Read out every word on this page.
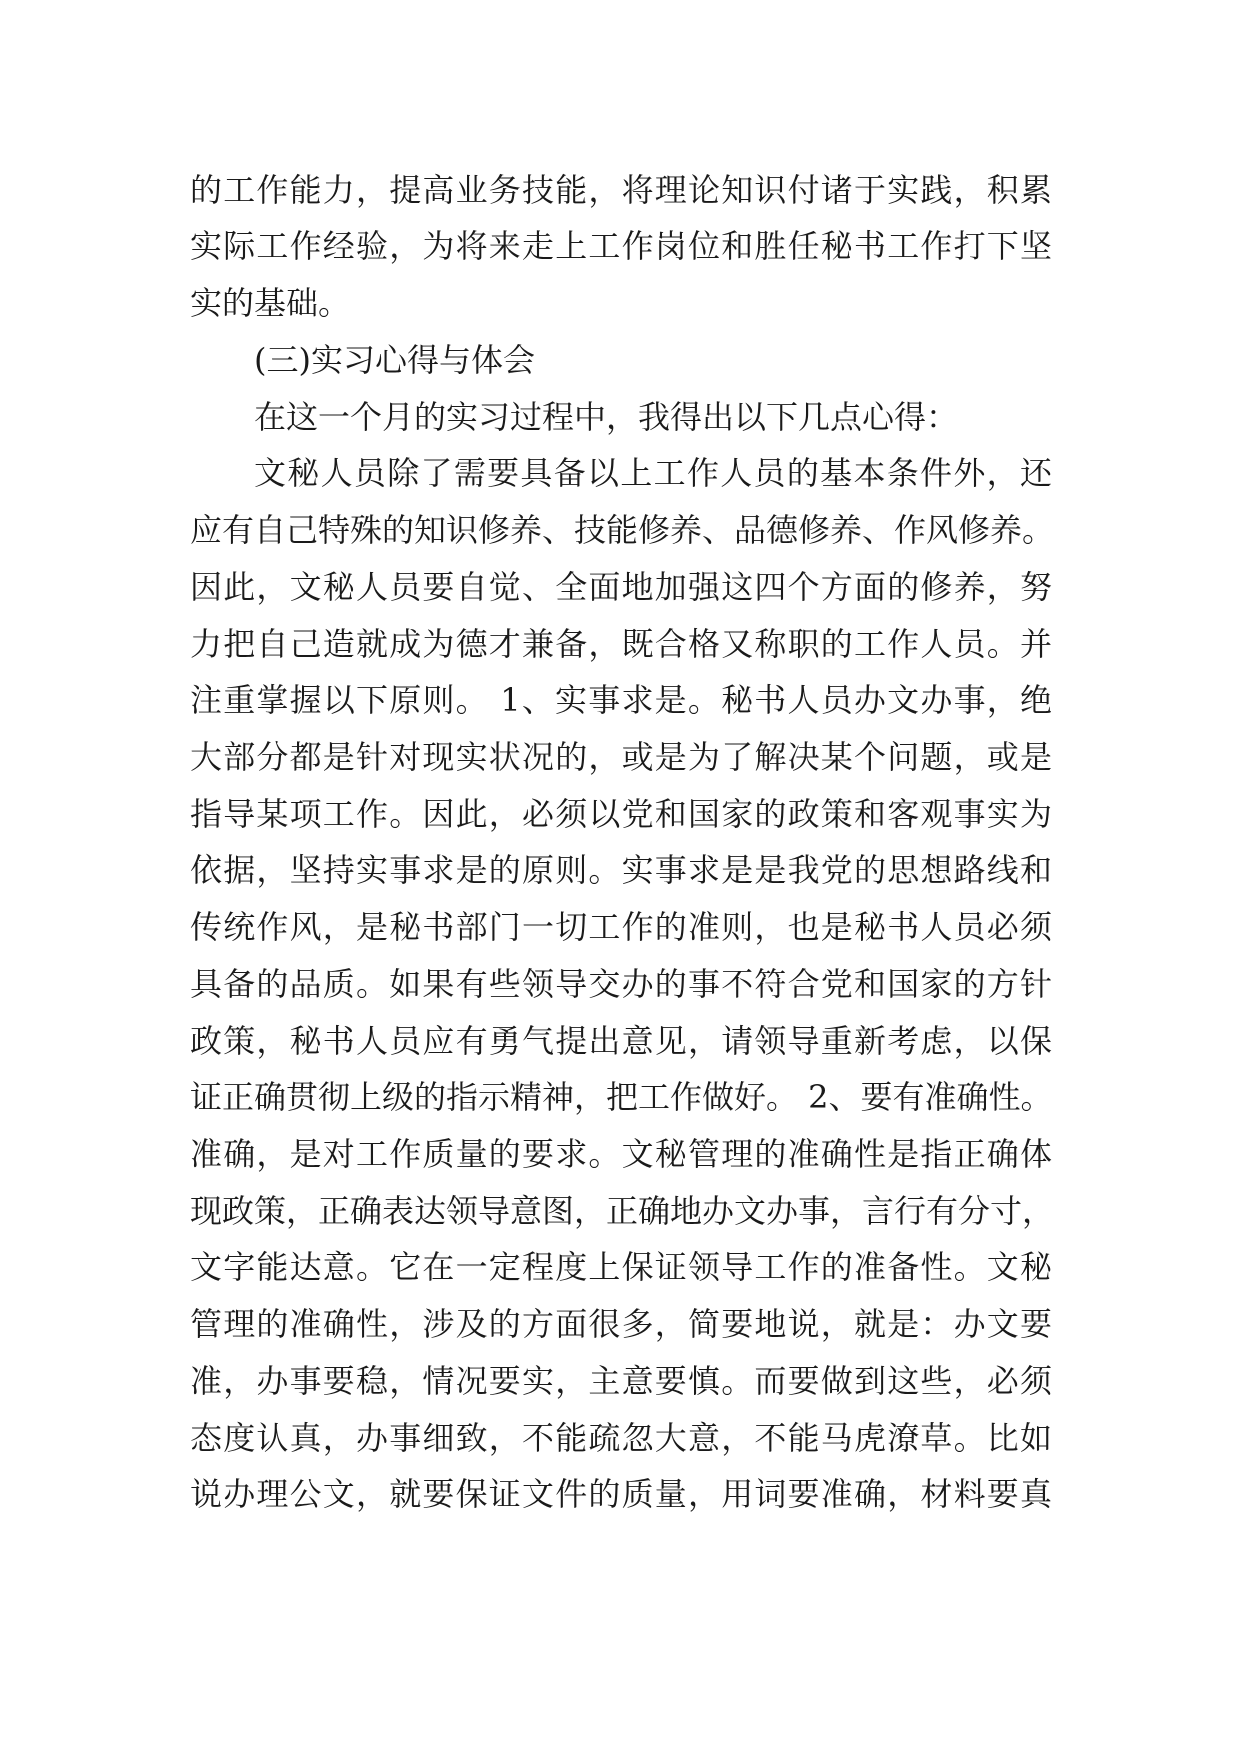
的工作能力，提高业务技能，将理论知识付诸于实践，积累
实际工作经验，为将来走上工作岗位和胜任秘书工作打下坚
实的基础。
(三)实习心得与体会
在这一个月的实习过程中，我得出以下几点心得：
文秘人员除了需要具备以上工作人员的基本条件外，还
应有自己特殊的知识修养、技能修养、品德修养、作风修养。
因此，文秘人员要自觉、全面地加强这四个方面的修养，努
力把自己造就成为德才兼备，既合格又称职的工作人员。并
注重掌握以下原则。 1、实事求是。秘书人员办文办事，绝
大部分都是针对现实状况的，或是为了解决某个问题，或是
指导某项工作。因此，必须以党和国家的政策和客观事实为
依据，坚持实事求是的原则。实事求是是我党的思想路线和
传统作风，是秘书部门一切工作的准则，也是秘书人员必须
具备的品质。如果有些领导交办的事不符合党和国家的方针
政策，秘书人员应有勇气提出意见，请领导重新考虑，以保
证正确贯彻上级的指示精神，把工作做好。 2、要有准确性。
准确，是对工作质量的要求。文秘管理的准确性是指正确体
现政策，正确表达领导意图，正确地办文办事，言行有分寸，
文字能达意。它在一定程度上保证领导工作的准备性。文秘
管理的准确性，涉及的方面很多，简要地说，就是：办文要
准，办事要稳，情况要实，主意要慎。而要做到这些，必须
态度认真，办事细致，不能疏忽大意，不能马虎潦草。比如
说办理公文，就要保证文件的质量，用词要准确，材料要真
